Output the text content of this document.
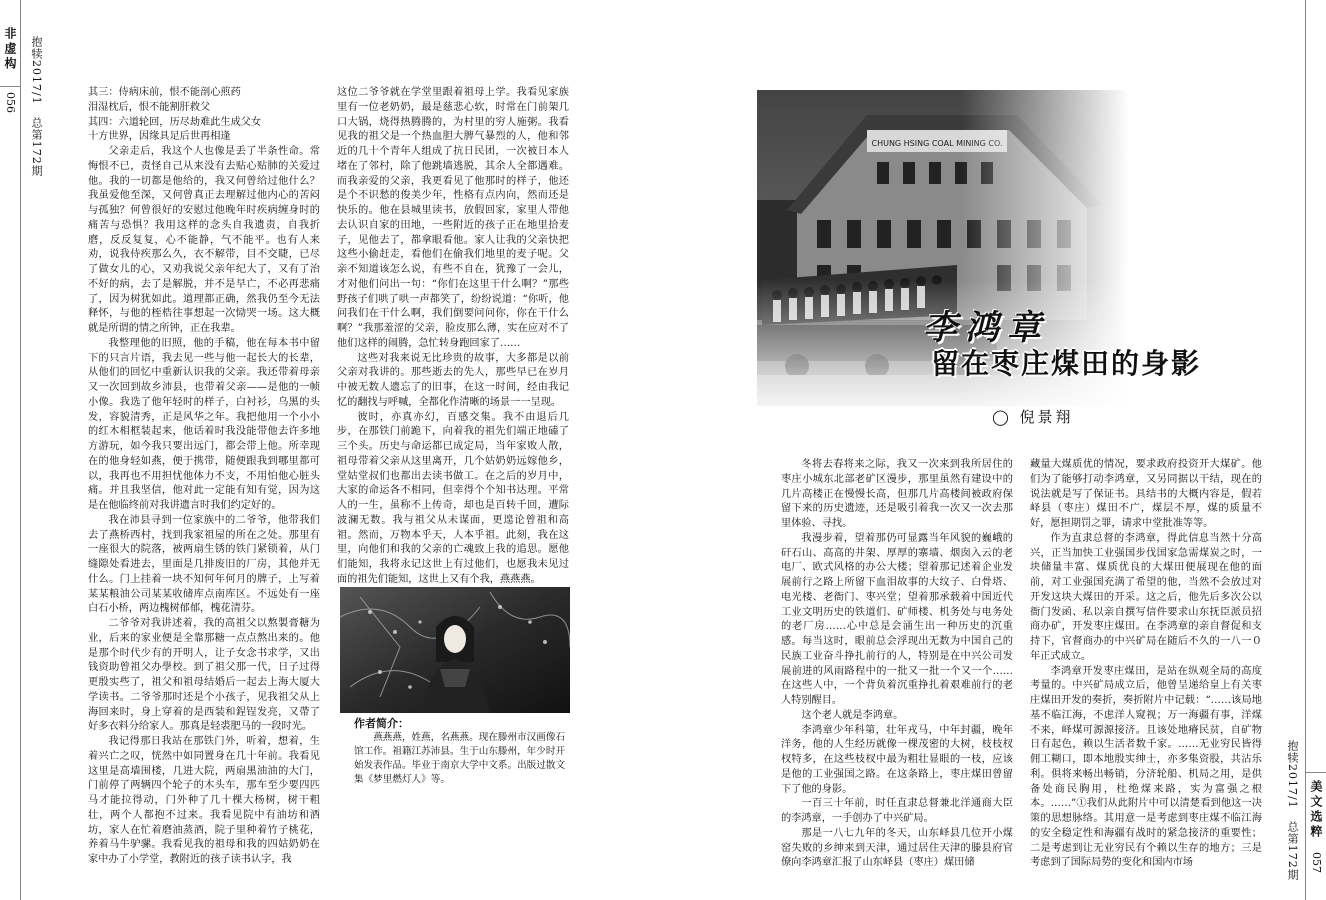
非虚构
056 抱犊2017/1　总第172期	其三：侍病床前，恨不能剖心煎药

泪湿枕后，恨不能割肝救父

其四：六道轮回，历尽劫难此生成父女

十方世界，因缘具足后世再相逢

父亲走后，我这个人也像是丢了半条性命。常悔恨不已，责怪自己从来没有去贴心贴肺的关爱过他。我的一切都是他给的，我又何曾给过他什么？我虽爱他至深，又何曾真正去理解过他内心的苦闷与孤独？何曾很好的安慰过他晚年时疾病缠身时的痛苦与恐惧？我用这样的念头自我遗责，自我折磨，反反复复，心不能静，气不能平。也有人来劝，说我侍疾那么久，衣不解带，目不交睫，已尽了做女儿的心，又劝我说父亲年纪大了，又有了治不好的病，去了是解脱，并不是早亡，不必再悲痛了，因为树犹如此。道理都正确，然我仍至今无法释怀，与他的桎梏往事想起一次恸哭一场。这大概就是所谓的情之所钟，正在我辈。

我整理他的旧照，他的手稿，他在每本书中留下的只言片语，我去见一些与他一起长大的长辈，从他们的回忆中重新认识我的父亲。我还带着母亲又一次回到故乡沛县，也带着父亲——是他的一帧小像。我选了他年轻时的样子，白衬衫，乌黑的头发，容貌清秀，正是风华之年。我把他用一个小小的红木相框装起来，他话着时我没能带他去许多地方游玩，如今我只要出远门，都会带上他。所幸现在的他身轻如燕，便于携带，随便跟我到哪里都可以，我再也不用担忧他体力不支，不用怕他心脏头痛。并且我坚信，他对此一定能有知有觉，因为这是在他临终前对我讲遗言时我们约定好的。

我在沛县寻到一位家族中的二爷爷，他带我们去了燕桥西村，找到我家祖屋的所在之处。那里有一座很大的院落，被两扇生锈的铁门紧锁着，从门缝隙处看进去，里面是几排废旧的厂房，其他并无什么。门上挂着一块不知何年何月的牌子，上写着某某粮油公司某某收储库点南库区。不远处有一座白石小桥，两边槐树郁郁，槐花清芬。

二爷爷对我讲述着，我的高祖父以熬製膏糖为业，后来的家业便是全靠那糖一点点熬出来的。他是那个时代少有的开明人，让子女念书求学，又出钱资助曾祖父办學校。到了祖父那一代，日子过得更殷实些了，祖父和祖母结婚后一起去上海大厦大学读书。二爷爷那时还是个小孩子，见我祖父从上海回来时，身上穿着的是西装和鋥锃发亮，又帶了好多衣料分给家人。那真是轻裘肥马的一段时光。

我记得那日我站在那铁门外，听着，想着，生着兴亡之叹，恍然中如同置身在几十年前。我看见这里是高墙围楼，几进大院，两扇黑油油的大门，门前停了两辆四个轮子的木头车，那车至少要四匹马才能拉得动，门外种了几十棵大杨树，树干粗壮，两个人都抱不过来。我看见院中有油坊和酒坊，家人在忙着磨油蒸酒，院子里种着竹子桃花，养着马牛驴骡。我看见我的祖母和我的四姑奶奶在家中办了小学堂，教附近的孩子读书认字，我

这位二爷爷就在学堂里跟着祖母上学。我看见家族里有一位老奶奶，最是慈悲心软，时常在门前架几口大锅，烧得热腾腾的，为村里的穷人施粥。我看见我的祖父是一个热血胆大脾气暴烈的人，他和邻近的几十个青年人组成了抗日民团，一次被日本人堵在了邻村，除了他跳墙逃脱，其余人全都遇难。而我亲爱的父亲，我更看见了他那时的样子，他还是个不识愁的俊美少年，性格有点内向，然而还是快乐的。他在县城里读书，放假回家，家里人带他去认识自家的田地，一些附近的孩子正在地里拾麦子，见他去了，都拿眼看他。家人让我的父亲快把这些小偷赶走，看他们在偷我们地里的麦子呢。父亲不知道该怎么说，有些不自在，犹豫了一会儿，才对他们问出一句：“你们在这里干什么啊？”那些野孩子们哄了哄一声都笑了，纷纷说道：“你听，他问我们在干什么啊，我们倒要问问你，你在干什么啊？”我那羞涩的父亲，脸皮那么薄，实在应对不了他们这样的闹腾，急忙转身跑回家了……

这些对我来说无比珍贵的故事，大多都是以前父亲对我讲的。那些逝去的先人，那些早已在岁月中被无数人遗忘了的旧事，在这一时间，经由我记忆的翻找与呼喊，全都化作清晰的场景一一呈现。

彼时，亦真亦幻，百感交集。我不由退后几步，在那铁门前跪下，向着我的祖先们端正地磕了三个头。历史与命运都已成定局，当年家败人散，祖母带着父亲从这里离开，几个姑奶奶远嫁他乡，堂姑堂叔们也都出去读书做工。在之后的岁月中，大家的命运各不相同，但幸得个个知书达理。平常人的一生，虽称不上传奇，却也是百转千回，遭际波澜无数。我与祖父从未谋面，更遑论曾祖和高祖。然而，万物本乎天，人本乎祖。此刻，我在这里，向他们和我的父亲的亡魂致上我的追思。愿他们能知，我将永记这世上有过他们，也愿我未见过面的祖先们能知，这世上又有个我，燕燕燕。

作者简介：
燕燕燕，姓燕，名燕燕。现在滕州市汉画像石馆工作。祖籍江苏沛县。生于山东滕州，年少时开始发表作品。毕业于南京大学中文系。出版过散文集《梦里燃灯人》等。
李鸿章
留在枣庄煤田的身影
◯ 倪景翔

冬将去春将来之际，我又一次来到我所居住的枣庄小城东北部老矿区漫步，那里虽然有建设中的几片高楼正在慢慢长高，但那几片高楼间被政府保留下来的历史遗迹，还是吸引着我一次又一次去那里体验、寻找。

我漫步着，望着那仍可显露当年风貌的巍峨的矸石山、高高的井架、厚厚的寨墙、烟囱入云的老电厂、欧式风格的办公大楼；望着那记述着企业发展前行之路上所留下血泪故事的大纹子、白骨塔、电光楼、老衙门、枣兴堂；望着那承载着中国近代工业文明历史的铁道们、矿师楼、机务处与电务处的老厂房……心中总是会涌生出一种历史的沉重感。每当这时，眼前总会浮现出无数为中国自己的民族工业奋斗挣扎前行的人，特别是在中兴公司发展前进的风雨路程中的一批又一批一个又一个……在这些人中，一个背负着沉重挣扎着艰难前行的老人特别醒目。

这个老人就是李鸿章。

李鸿章少年科第，壮年戎马，中年封疆，晚年洋务，他的人生经历就像一棵茂密的大树，枝枝杈杈特多，在这些枝杈中最为粗壮显眼的一枝，应该是他的工业强国之路。在这条路上，枣庄煤田曾留下了他的身影。

一百三十年前，时任直隶总督兼北洋通商大臣的李鸿章，一手创办了中兴矿局。

那是一八七九年的冬天，山东峄县几位开小煤窑失败的乡绅来到天津，通过居住天津的滕县府官僚向李鸿章汇报了山东峄县（枣庄）煤田储

藏量大煤质优的情况，要求政府投资开大煤矿。他们为了能够打动李鸿章，又另同据以干结，现在的说法就是写了保证书。具结书的大概内容是，假若峄县（枣庄）煤田不广，煤层不厚，煤的质量不好，愿担期罚之罪，请求中堂批准等等。

作为直隶总督的李鸿章，得此信息当然十分高兴，正当加快工业强国步伐国家急需煤炭之时，一块储量丰富、煤质优良的大煤田便展现在他的面前，对工业强国充满了希望的他，当然不会放过对开发这块大煤田的开采。这之后，他先后多次公以衙门发函、私以亲自撰写信件要求山东抚臣派员招商办矿，开发枣庄煤田。在李鸿章的亲自督促和支持下，官督商办的中兴矿局在随后不久的一八一０年正式成立。

李鸿章开发枣庄煤田，是站在纵观全局的高度考量的。中兴矿局成立后，他曾呈递给皇上有关枣庄煤田开发的奏折，奏折附片中记载：“……该局地基不临江海，不虑洋人窥视；万一海疆有事，洋煤不来，峄煤可源源接济。且该处地瘠民贫，自矿物日有起色，赖以生活者数千家。……无业穷民皆得佣工糊口，即本地殷实绅士，亦多集资股，共沾乐利。俱将来畅出畅销，分济轮船、机局之用，是供备处商民胸用，杜绝煤来路，实为富强之根本。……”①我们从此附片中可以清楚看到他这一决策的思想脉络。其用意一是考虑到枣庄煤不临江海的安全稳定性和海疆有战时的紧急接济的重要性；二是考虑到让无业穷民有个赖以生存的地方；三是考虑到了国际局势的变化和国内市场	抱犊2017/1　总第172期 美文选粹
057
